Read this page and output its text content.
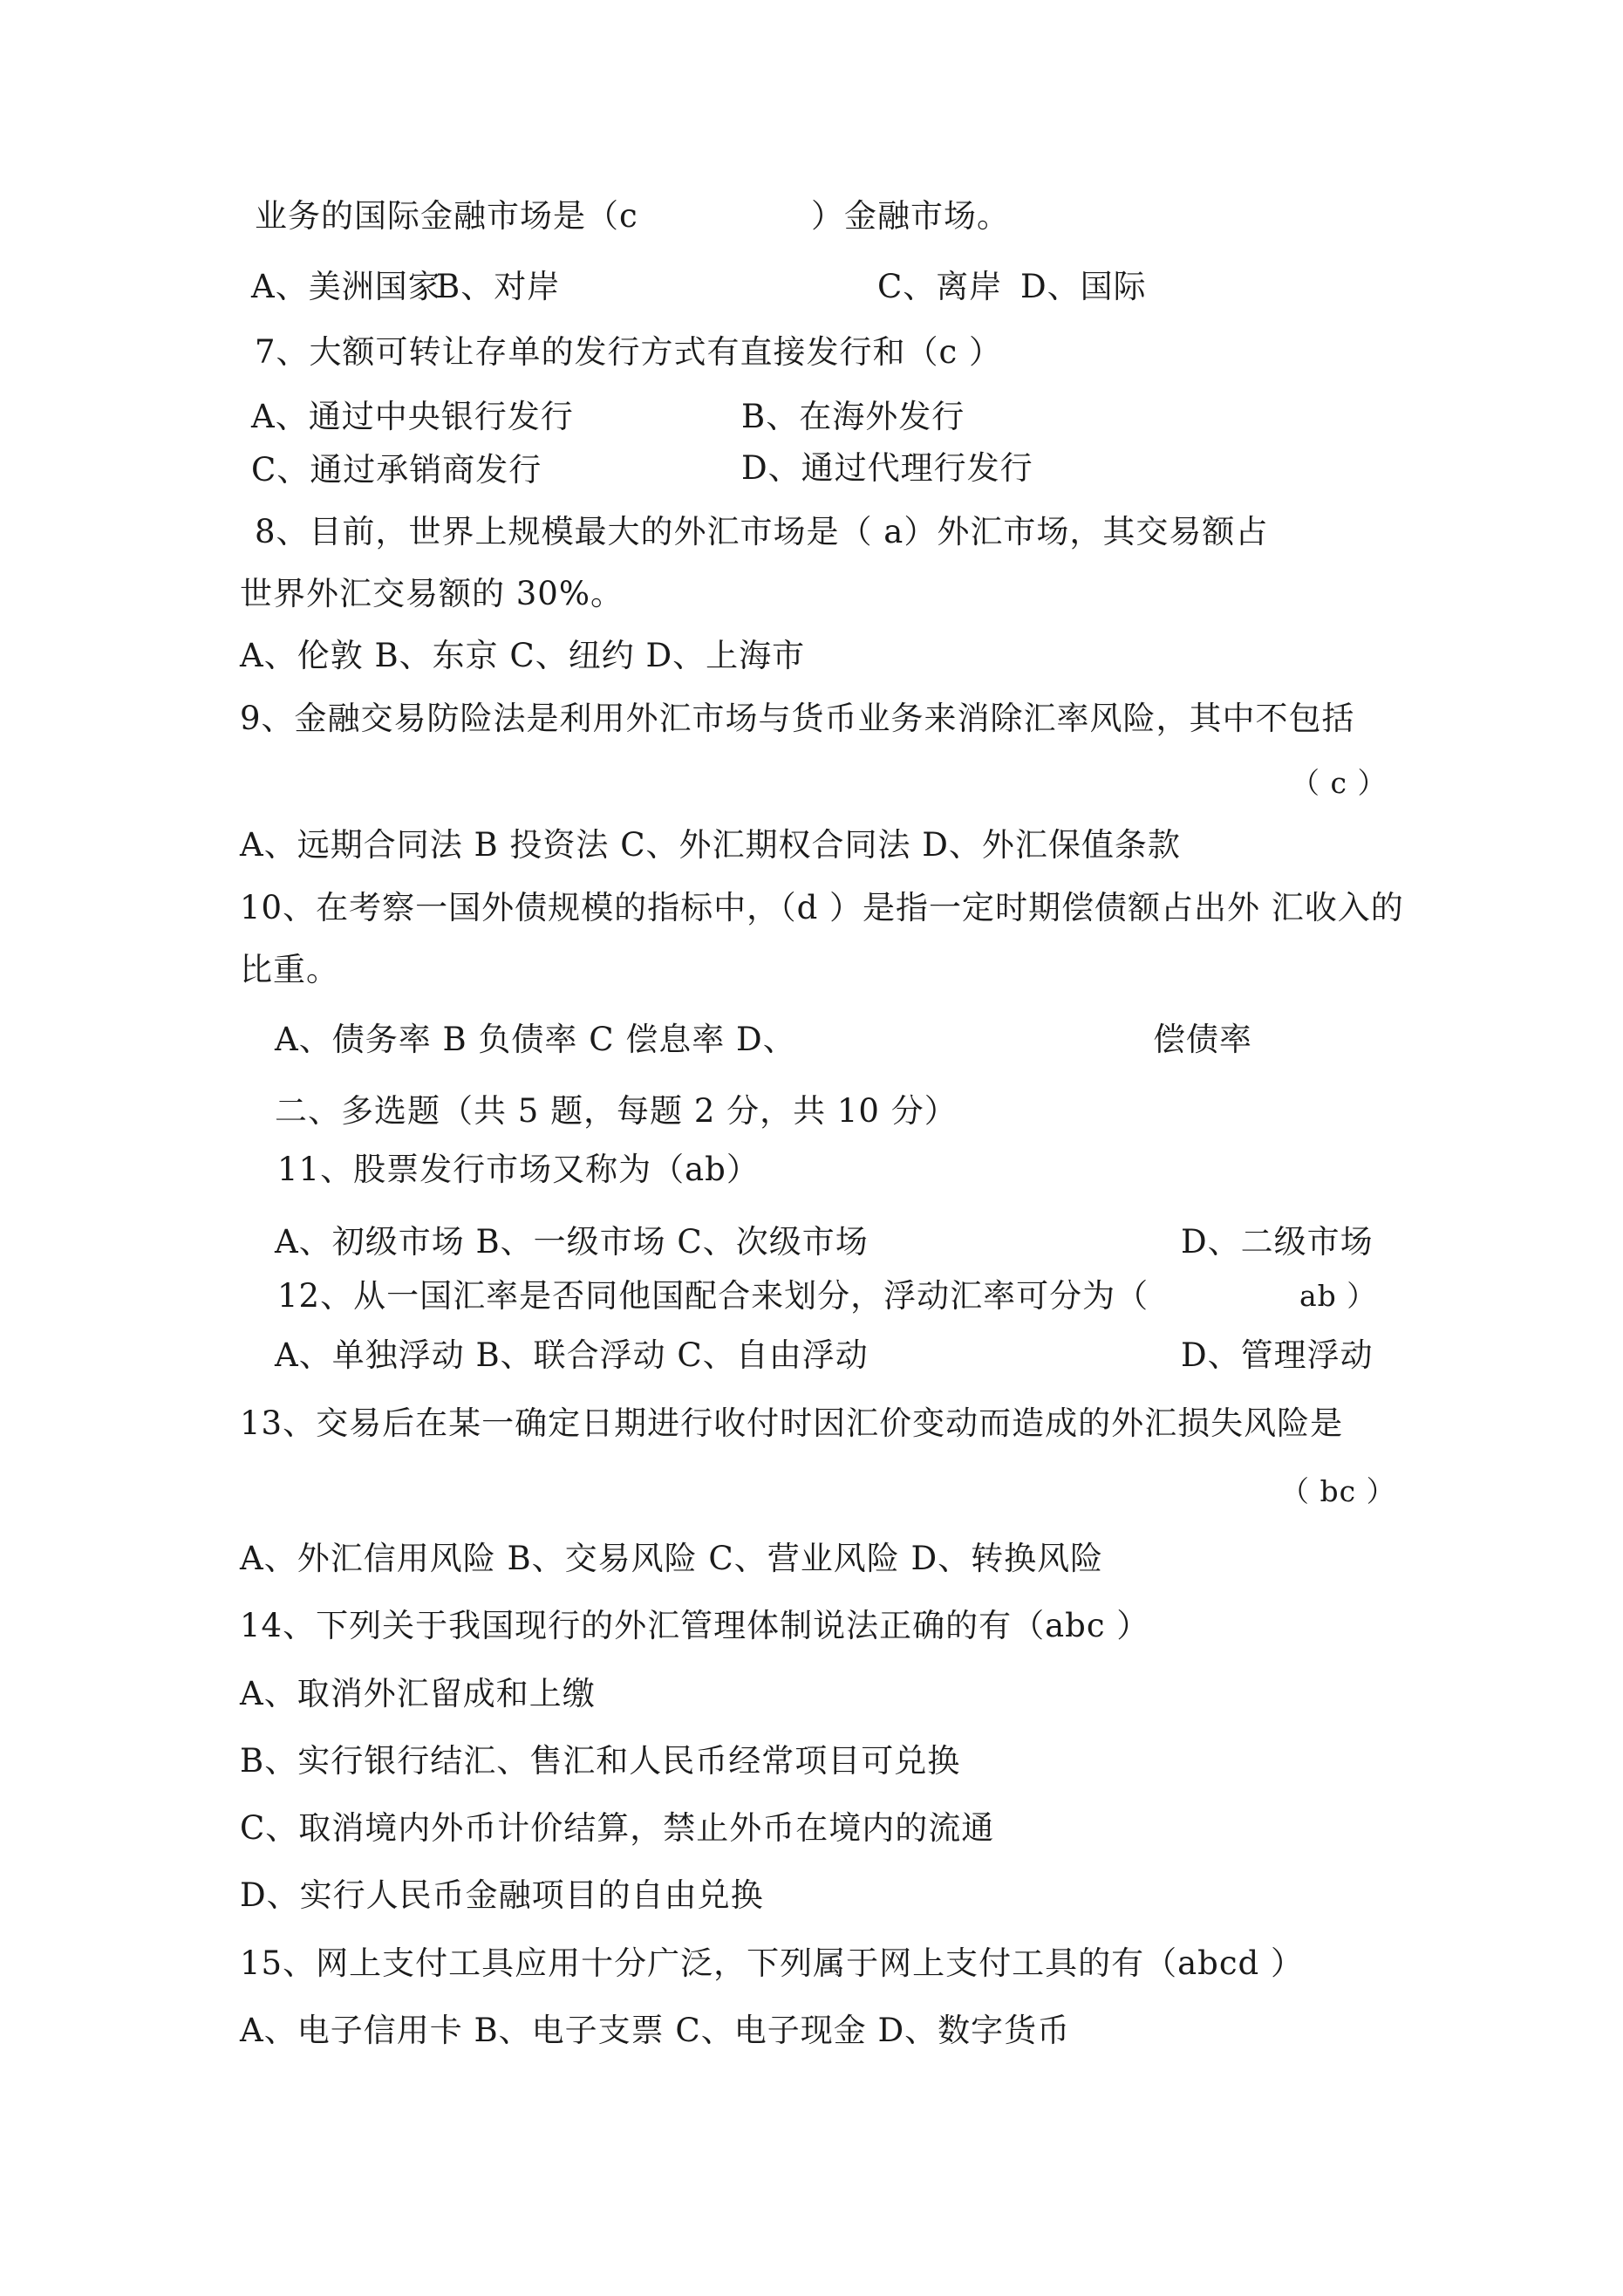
业务的国际金融市场是（c	）金融市场。
A、美洲国家
B、对岸	C、离岸 D、国际
7、大额可转让存单的发行方式有直接发行和（c ）
A、通过中央银行发行	B、在海外发行
C、通过承销商发行	D、通过代理行发行
8、目前，世界上规模最大的外汇市场是（ a）外汇市场，其交易额占
世界外汇交易额的 30%。
A、伦敦 B、东京 C、纽约 D、上海市
9、金融交易防险法是利用外汇市场与货币业务来消除汇率风险，其中不包括
（ c ）
A、远期合同法 B 投资法 C、外汇期权合同法 D、外汇保值条款
10、在考察一国外债规模的指标中，（d ）是指一定时期偿债额占出外 汇收入的
比重。
A、债务率 B 负债率 C 偿息率 D、	偿债率
二、多选题（共 5 题，每题 2 分，共 10 分）
11、股票发行市场又称为（ab）
A、初级市场 B、一级市场 C、次级市场	D、二级市场
12、从一国汇率是否同他国配合来划分，浮动汇率可分为（	ab ）
A、单独浮动 B、联合浮动 C、自由浮动	D、管理浮动
13、交易后在某一确定日期进行收付时因汇价变动而造成的外汇损失风险是
（ bc ）
A、外汇信用风险 B、交易风险 C、营业风险 D、转换风险
14、下列关于我国现行的外汇管理体制说法正确的有（abc ）
A、取消外汇留成和上缴
B、实行银行结汇、售汇和人民币经常项目可兑换
C、取消境内外币计价结算，禁止外币在境内的流通
D、实行人民币金融项目的自由兑换
15、网上支付工具应用十分广泛，下列属于网上支付工具的有（abcd ）
A、电子信用卡 B、电子支票 C、电子现金 D、数字货币
